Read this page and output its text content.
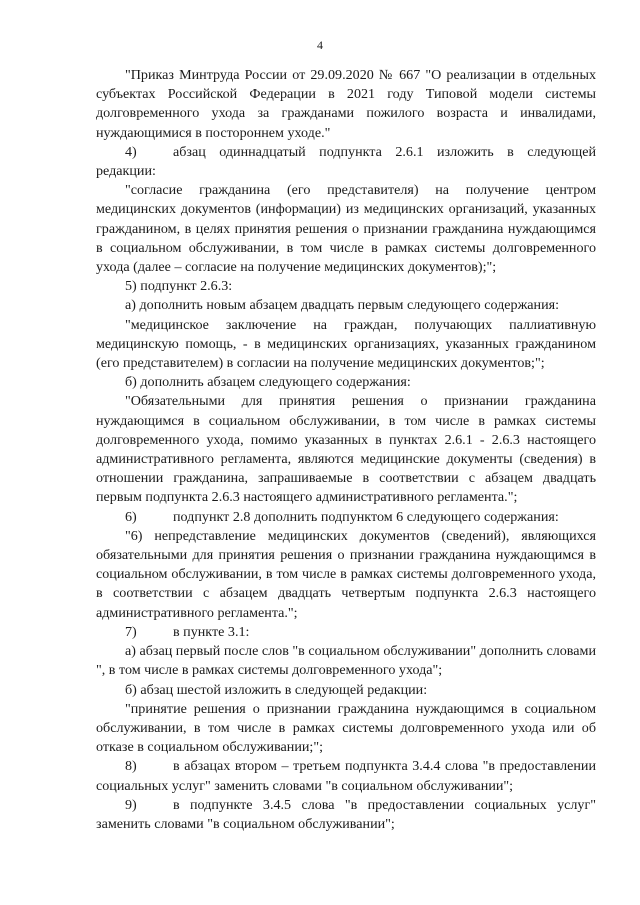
4

"Приказ Минтруда России от 29.09.2020 № 667 "О реализации в отдельных субъектах Российской Федерации в 2021 году Типовой модели системы долговременного ухода за гражданами пожилого возраста и инвалидами, нуждающимися в постороннем уходе."

4)	абзац одиннадцатый подпункта 2.6.1 изложить в следующей редакции:

"согласие гражданина (его представителя) на получение центром медицинских документов (информации) из медицинских организаций, указанных гражданином, в целях принятия решения о признании гражданина нуждающимся в социальном обслуживании, в том числе в рамках системы долговременного ухода (далее – согласие на получение медицинских документов);";

5) подпункт 2.6.3:

а) дополнить новым абзацем двадцать первым следующего содержания:

"медицинское заключение на граждан, получающих паллиативную медицинскую помощь, - в медицинских организациях, указанных гражданином (его представителем) в согласии на получение медицинских документов;";

б) дополнить абзацем следующего содержания:

"Обязательными для принятия решения о признании гражданина нуждающимся в социальном обслуживании, в том числе в рамках системы долговременного ухода, помимо указанных в пунктах 2.6.1 - 2.6.3 настоящего административного регламента, являются медицинские документы (сведения) в отношении гражданина, запрашиваемые в соответствии с абзацем двадцать первым подпункта 2.6.3 настоящего административного регламента.";

6)	подпункт 2.8 дополнить подпунктом 6 следующего содержания:

"6) непредставление медицинских документов (сведений), являющихся обязательными для принятия решения о признании гражданина нуждающимся в социальном обслуживании, в том числе в рамках системы долговременного ухода, в соответствии с абзацем двадцать четвертым подпункта 2.6.3 настоящего административного регламента.";

7)	в пункте 3.1:

а) абзац первый после слов "в социальном обслуживании" дополнить словами ", в том числе в рамках системы долговременного ухода";

б) абзац шестой изложить в следующей редакции:

"принятие решения о признании гражданина нуждающимся в социальном обслуживании, в том числе в рамках системы долговременного ухода или об отказе в социальном обслуживании;";

8)	в абзацах втором – третьем подпункта 3.4.4 слова "в предоставлении социальных услуг" заменить словами "в социальном обслуживании";

9)	в подпункте 3.4.5 слова "в предоставлении социальных услуг" заменить словами "в социальном обслуживании";
